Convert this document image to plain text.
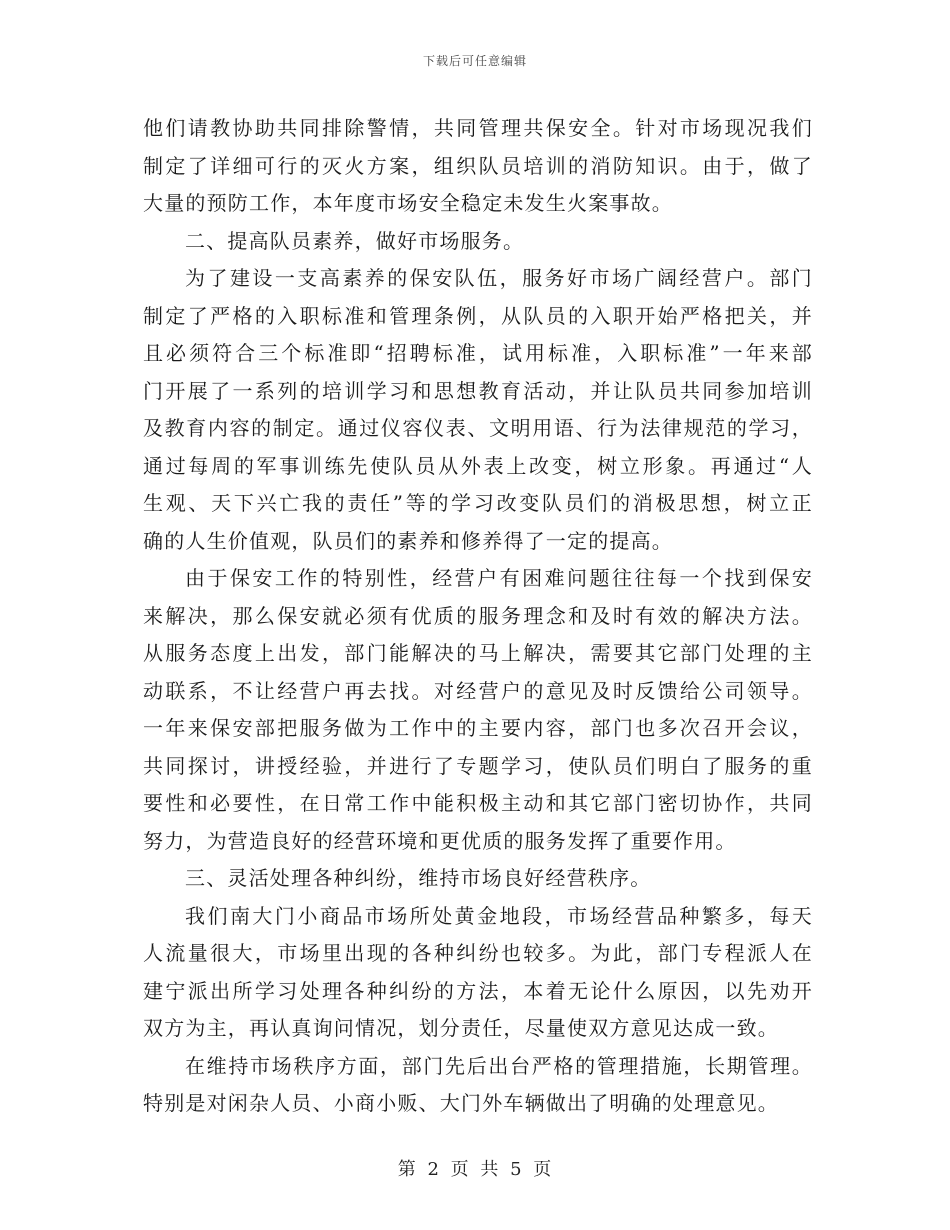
下载后可任意编辑
他们请教协助共同排除警情，共同管理共保安全。针对市场现况我们
制定了详细可行的灭火方案，组织队员培训的消防知识。由于，做了
大量的预防工作，本年度市场安全稳定未发生火案事故。
二、提高队员素养，做好市场服务。
为了建设一支高素养的保安队伍，服务好市场广阔经营户。部门
制定了严格的入职标准和管理条例，从队员的入职开始严格把关，并
且必须符合三个标准即“招聘标准，试用标准，入职标准”一年来部
门开展了一系列的培训学习和思想教育活动，并让队员共同参加培训
及教育内容的制定。通过仪容仪表、文明用语、行为法律规范的学习，
通过每周的军事训练先使队员从外表上改变，树立形象。再通过“人
生观、天下兴亡我的责任”等的学习改变队员们的消极思想，树立正
确的人生价值观，队员们的素养和修养得了一定的提高。
由于保安工作的特别性，经营户有困难问题往往每一个找到保安
来解决，那么保安就必须有优质的服务理念和及时有效的解决方法。
从服务态度上出发，部门能解决的马上解决，需要其它部门处理的主
动联系，不让经营户再去找。对经营户的意见及时反馈给公司领导。
一年来保安部把服务做为工作中的主要内容，部门也多次召开会议，
共同探讨，讲授经验，并进行了专题学习，使队员们明白了服务的重
要性和必要性，在日常工作中能积极主动和其它部门密切协作，共同
努力，为营造良好的经营环境和更优质的服务发挥了重要作用。
三、灵活处理各种纠纷，维持市场良好经营秩序。
我们南大门小商品市场所处黄金地段，市场经营品种繁多，每天
人流量很大，市场里出现的各种纠纷也较多。为此，部门专程派人在
建宁派出所学习处理各种纠纷的方法，本着无论什么原因，以先劝开
双方为主，再认真询问情况，划分责任，尽量使双方意见达成一致。
在维持市场秩序方面，部门先后出台严格的管理措施，长期管理。
特别是对闲杂人员、小商小贩、大门外车辆做出了明确的处理意见。
第 2 页 共 5 页
